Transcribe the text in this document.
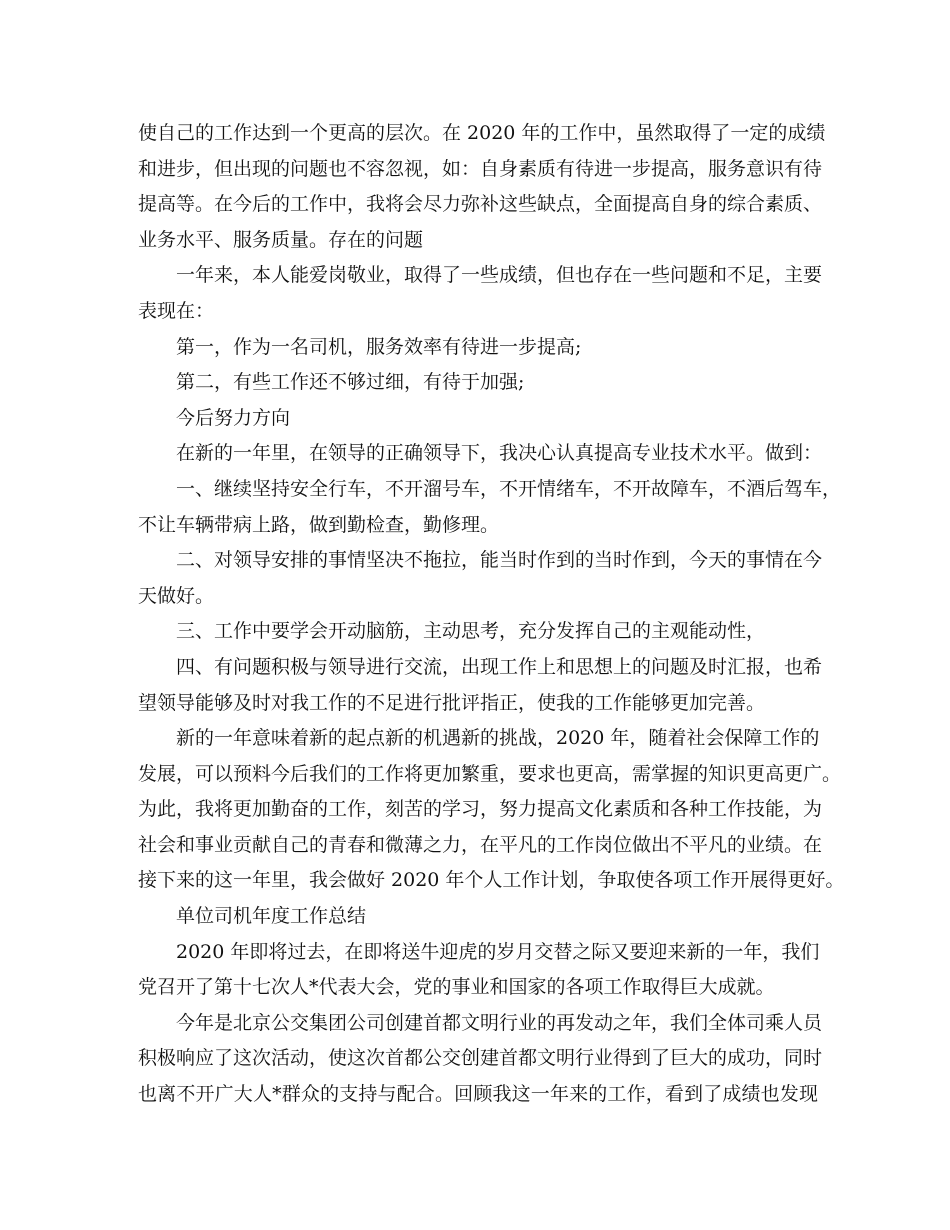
使自己的工作达到一个更高的层次。在 2020 年的工作中，虽然取得了一定的成绩
和进步，但出现的问题也不容忽视，如：自身素质有待进一步提高，服务意识有待
提高等。在今后的工作中，我将会尽力弥补这些缺点，全面提高自身的综合素质、
业务水平、服务质量。存在的问题
一年来，本人能爱岗敬业，取得了一些成绩，但也存在一些问题和不足，主要
表现在：
第一，作为一名司机，服务效率有待进一步提高;
第二，有些工作还不够过细，有待于加强;
今后努力方向
在新的一年里，在领导的正确领导下，我决心认真提高专业技术水平。做到：
一、继续坚持安全行车，不开溜号车，不开情绪车，不开故障车，不酒后驾车，
不让车辆带病上路，做到勤检查，勤修理。
二、对领导安排的事情坚决不拖拉，能当时作到的当时作到，今天的事情在今
天做好。
三、工作中要学会开动脑筋，主动思考，充分发挥自己的主观能动性，
四、有问题积极与领导进行交流，出现工作上和思想上的问题及时汇报，也希
望领导能够及时对我工作的不足进行批评指正，使我的工作能够更加完善。
新的一年意味着新的起点新的机遇新的挑战，2020 年，随着社会保障工作的
发展，可以预料今后我们的工作将更加繁重，要求也更高，需掌握的知识更高更广。
为此，我将更加勤奋的工作，刻苦的学习，努力提高文化素质和各种工作技能，为
社会和事业贡献自己的青春和微薄之力，在平凡的工作岗位做出不平凡的业绩。在
接下来的这一年里，我会做好 2020 年个人工作计划，争取使各项工作开展得更好。
单位司机年度工作总结
2020 年即将过去，在即将送牛迎虎的岁月交替之际又要迎来新的一年，我们
党召开了第十七次人*代表大会，党的事业和国家的各项工作取得巨大成就。
今年是北京公交集团公司创建首都文明行业的再发动之年，我们全体司乘人员
积极响应了这次活动，使这次首都公交创建首都文明行业得到了巨大的成功，同时
也离不开广大人*群众的支持与配合。回顾我这一年来的工作，看到了成绩也发现
